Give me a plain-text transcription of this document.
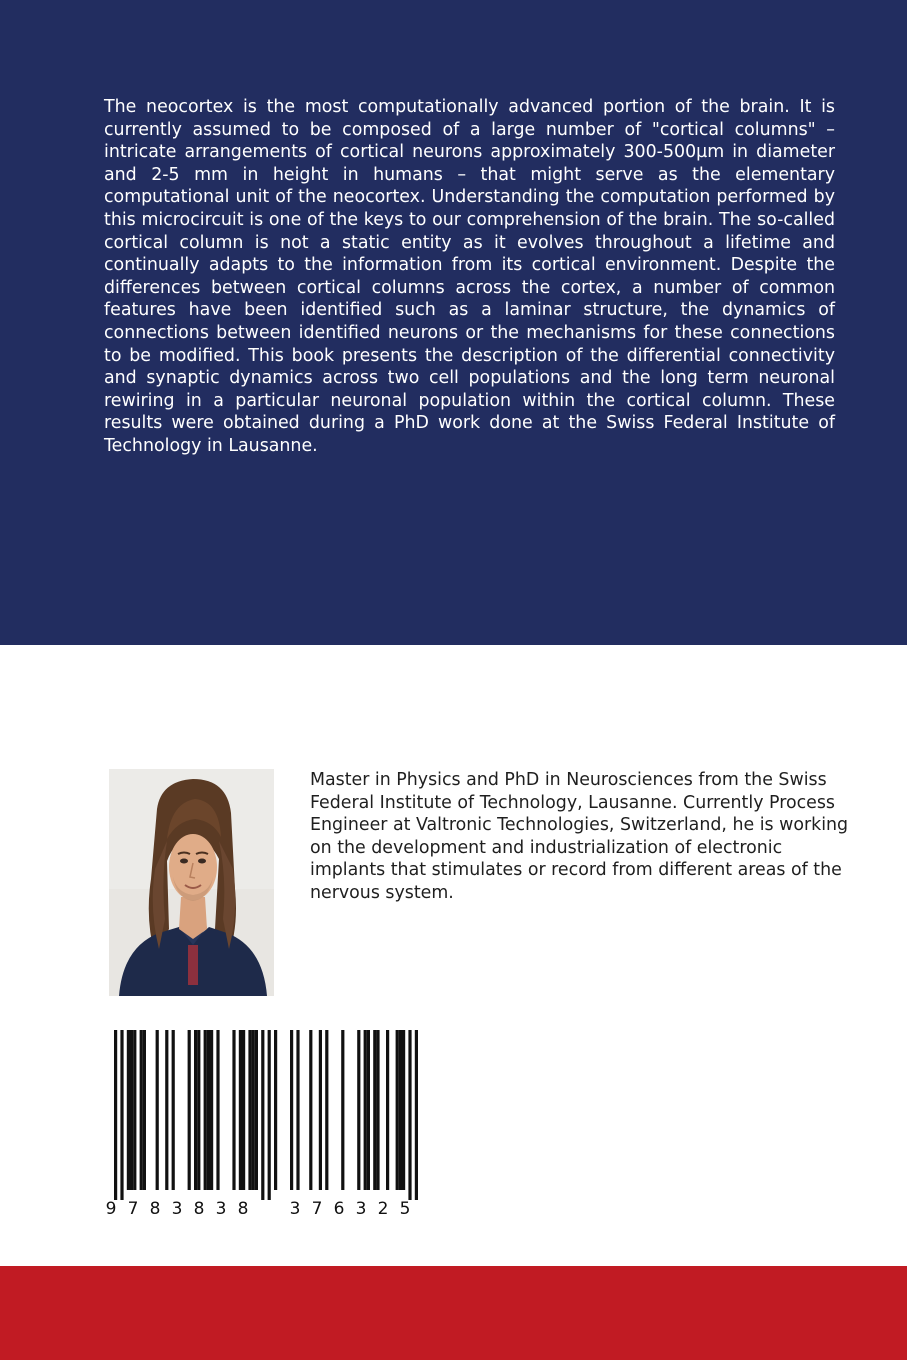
The neocortex is the most computationally advanced portion of the brain. It is currently assumed to be composed of a large number of "cortical columns" – intricate arrangements of cortical neurons approximately 300-500µm in diameter and 2-5 mm in height in humans – that might serve as the elementary computational unit of the neocortex. Understanding the computation performed by this microcircuit is one of the keys to our comprehension of the brain. The so-called cortical column is not a static entity as it evolves throughout a lifetime and continually adapts to the information from its cortical environment. Despite the differences between cortical columns across the cortex, a number of common features have been identified such as a laminar structure, the dynamics of connections between identified neurons or the mechanisms for these connections to be modified. This book presents the description of the differential connectivity and synaptic dynamics across two cell populations and the long term neuronal rewiring in a particular neuronal population within the cortical column. These results were obtained during a PhD work done at the Swiss Federal Institute of Technology in Lausanne.

Master in Physics and PhD in Neurosciences from the Swiss Federal Institute of Technology, Lausanne. Currently Process Engineer at Valtronic Technologies, Switzerland, he is working on the development and industrialization of electronic implants that stimulates or record from different areas of the nervous system.

9 7 8 3 8 3 8 3 7 6 3 2 5
